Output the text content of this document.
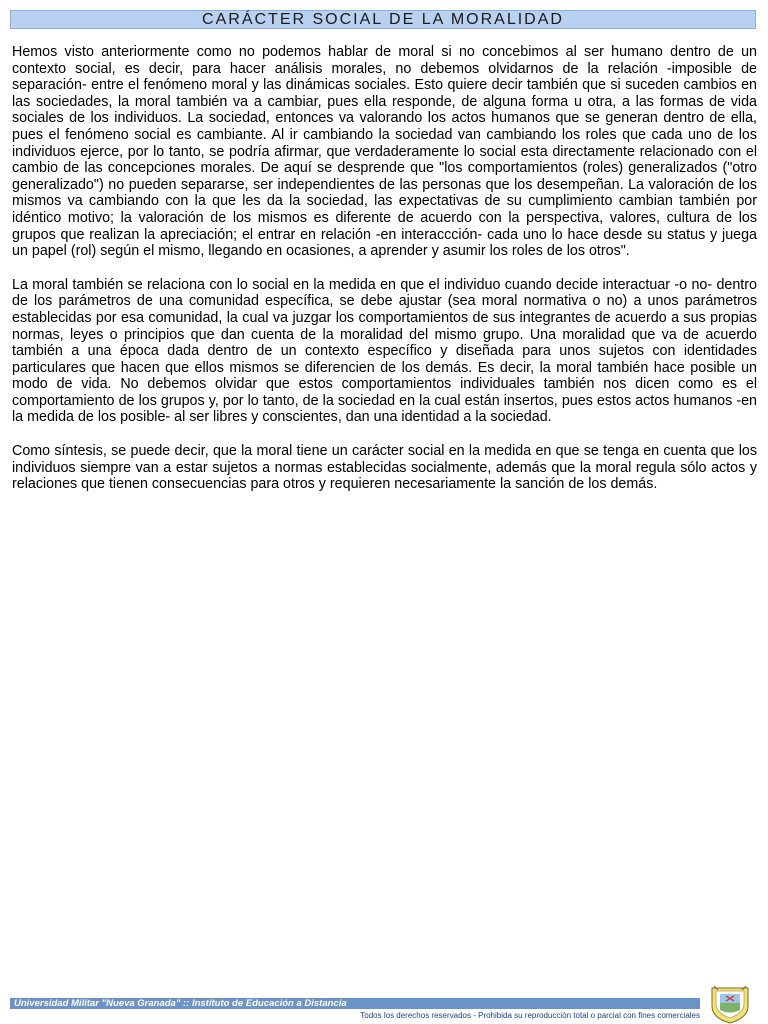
CARÁCTER SOCIAL DE LA MORALIDAD

Hemos visto anteriormente como no podemos hablar de moral si no concebimos al ser humano dentro de un contexto social, es decir, para hacer análisis morales, no debemos olvidarnos de la relación -imposible de separación- entre el fenómeno moral y las dinámicas sociales. Esto quiere decir también que si suceden cambios en las sociedades, la moral también va a cambiar, pues ella responde, de alguna forma u otra, a las formas de vida sociales de los individuos. La sociedad, entonces va valorando los actos humanos que se generan dentro de ella, pues el fenómeno social es cambiante. Al ir cambiando la sociedad van cambiando los roles que cada uno de los individuos ejerce, por lo tanto, se podría afirmar, que verdaderamente lo social esta directamente relacionado con el cambio de las concepciones morales. De aquí se desprende que "los comportamientos (roles) generalizados ("otro generalizado") no pueden separarse, ser independientes de las personas que los desempeñan. La valoración de los mismos va cambiando con la que les da la sociedad, las expectativas de su cumplimiento cambian también por idéntico motivo; la valoración de los mismos es diferente de acuerdo con la perspectiva, valores, cultura de los grupos que realizan la apreciación; el entrar en relación -en interaccción- cada uno lo hace desde su status y juega un papel (rol) según el mismo, llegando en ocasiones, a aprender y asumir los roles de los otros".

La moral también se relaciona con lo social en la medida en que el individuo cuando decide interactuar -o no- dentro de los parámetros de una comunidad específica, se debe ajustar (sea moral normativa o no) a unos parámetros establecidas por esa comunidad, la cual va juzgar los comportamientos de sus integrantes de acuerdo a sus propias normas, leyes o principios que dan cuenta de la moralidad del mismo grupo. Una moralidad que va de acuerdo también a una época dada dentro de un contexto específico y diseñada para unos sujetos con identidades particulares que hacen que ellos mismos se diferencien de los demás. Es decir, la moral también hace posible un modo de vida. No debemos olvidar que estos comportamientos individuales también nos dicen como es el comportamiento de los grupos y, por lo tanto, de la sociedad en la cual están insertos, pues estos actos humanos -en la medida de los posible- al ser libres y conscientes, dan una identidad a la sociedad.

Como síntesis, se puede decir, que la moral tiene un carácter social en la medida en que se tenga en cuenta que los individuos siempre van a estar sujetos a normas establecidas socialmente, además que la moral regula sólo actos y relaciones que tienen consecuencias para otros y requieren necesariamente la sanción de los demás.

Universidad Militar "Nueva Granada" :: Instituto de Educación a Distancia
Todos los derechos reservados - Prohibida su reproducción total o parcial con fines comerciales
